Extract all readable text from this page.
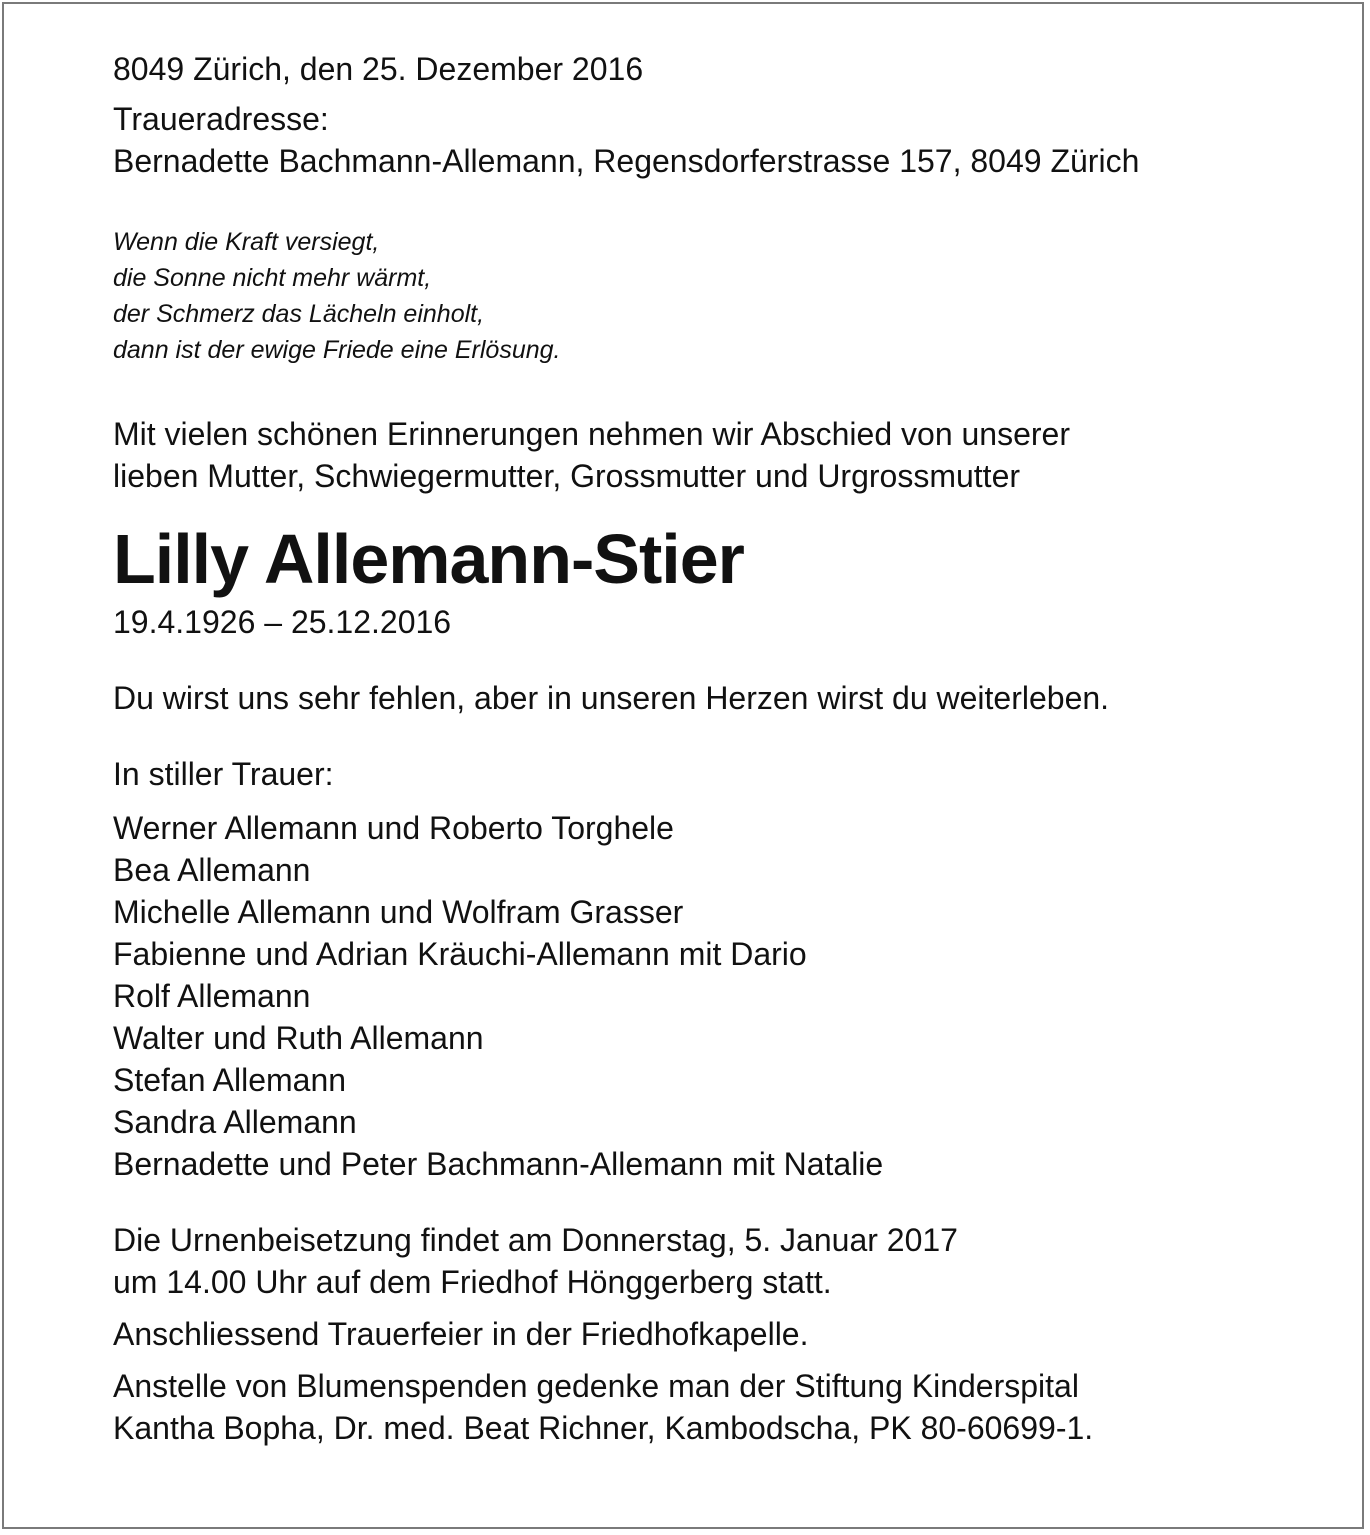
8049 Zürich, den 25. Dezember 2016

Traueradresse:

Bernadette Bachmann-Allemann, Regensdorferstrasse 157, 8049 Zürich

Wenn die Kraft versiegt,
die Sonne nicht mehr wärmt,
der Schmerz das Lächeln einholt,
dann ist der ewige Friede eine Erlösung.

Mit vielen schönen Erinnerungen nehmen wir Abschied von unserer

lieben Mutter, Schwiegermutter, Grossmutter und Urgrossmutter

Lilly Allemann-Stier

19.4.1926 – 25.12.2016

Du wirst uns sehr fehlen, aber in unseren Herzen wirst du weiterleben.

In stiller Trauer:

Werner Allemann und Roberto Torghele

Bea Allemann

Michelle Allemann und Wolfram Grasser

Fabienne und Adrian Kräuchi-Allemann mit Dario

Rolf Allemann

Walter und Ruth Allemann

Stefan Allemann

Sandra Allemann

Bernadette und Peter Bachmann-Allemann mit Natalie

Die Urnenbeisetzung findet am Donnerstag, 5. Januar 2017

um 14.00 Uhr auf dem Friedhof Hönggerberg statt.

Anschliessend Trauerfeier in der Friedhofkapelle.

Anstelle von Blumenspenden gedenke man der Stiftung Kinderspital

Kantha Bopha, Dr. med. Beat Richner, Kambodscha, PK 80-60699-1.
